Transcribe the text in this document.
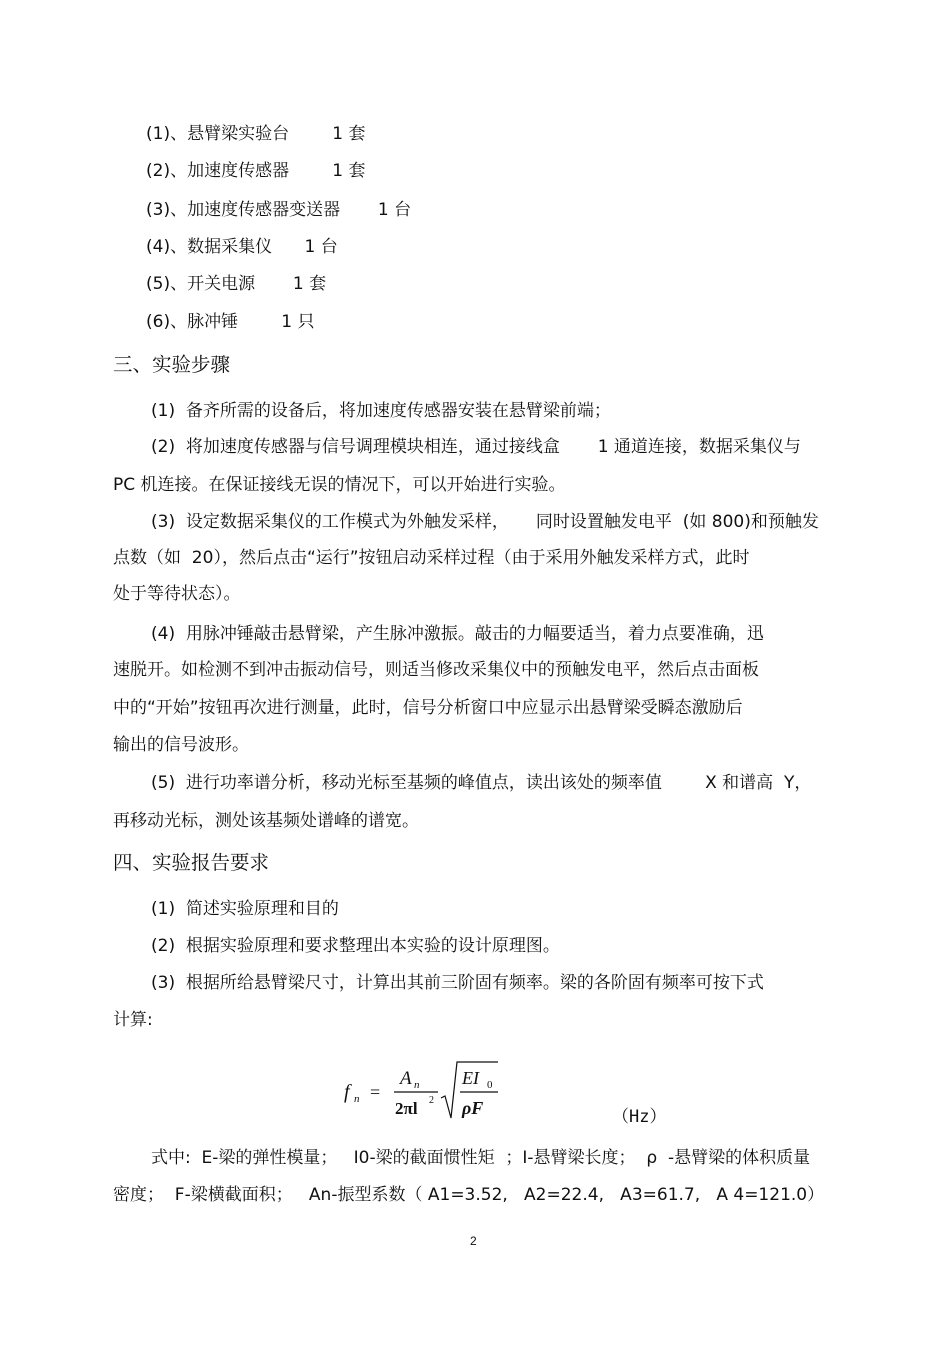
(1)、悬臂梁实验台        1 套
(2)、加速度传感器        1 套
(3)、加速度传感器变送器       1 台
(4)、数据采集仪      1 台
(5)、开关电源       1 套
(6)、脉冲锤        1 只
三、实验步骤
(1)  备齐所需的设备后，将加速度传感器安装在悬臂梁前端；
(2)  将加速度传感器与信号调理模块相连，通过接线盒       1 通道连接，数据采集仪与
PC 机连接。在保证接线无误的情况下，可以开始进行实验。
(3)  设定数据采集仪的工作模式为外触发采样，     同时设置触发电平  (如 800)和预触发
点数（如  20），然后点击“运行”按钮启动采样过程（由于采用外触发采样方式，此时
处于等待状态）。
(4)  用脉冲锤敲击悬臂梁，产生脉冲激振。敲击的力幅要适当，着力点要准确，迅
速脱开。如检测不到冲击振动信号，则适当修改采集仪中的预触发电平，然后点击面板
中的“开始”按钮再次进行测量，此时，信号分析窗口中应显示出悬臂梁受瞬态激励后
输出的信号波形。
(5)  进行功率谱分析，移动光标至基频的峰值点，读出该处的频率值        X 和谱高  Y，
再移动光标，测处该基频处谱峰的谱宽。
四、实验报告要求
(1)  简述实验原理和目的
(2)  根据实验原理和要求整理出本实验的设计原理图。
(3)  根据所给悬臂梁尺寸，计算出其前三阶固有频率。梁的各阶固有频率可按下式
计算:
f n =
A n
2πl 2
EI 0
ρF	（Hz）
式中:  E-梁的弹性模量；   I0-梁的截面惯性矩  ；I-悬臂梁长度；  ρ  -悬臂梁的体积质量
密度；  F-梁横截面积；   An-振型系数（ A1=3.52,   A2=22.4,   A3=61.7,   A 4=121.0）
2
